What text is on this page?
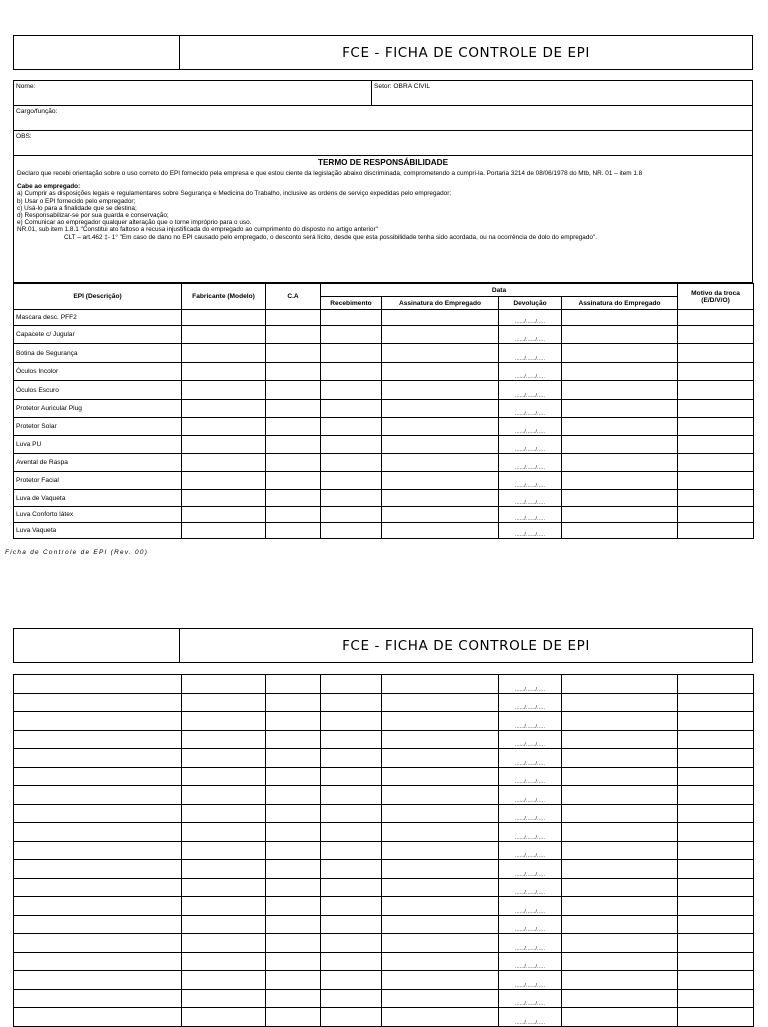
	FCE - FICHA DE CONTROLE DE EPI
Nome:	Setor: OBRA CIVIL
Cargo/função:
OBS:
TERMO DE RESPONSÁBILIDADE
Declaro que recebi orientação sobre o uso correto do EPI fornecido pela empresa e que estou ciente da legislação abaixo discriminada, comprometendo a cumpri-la. Portaria 3214 de 08/06/1978 do Mtb, NR. 01 – item 1.8
Cabe ao empregado:
a) Cumprir as disposições legais e regulamentares sobre Segurança e Medicina do Trabalho, inclusive as ordens de serviço expedidas pelo empregador;
b) Usar o EPI fornecido pelo empregador;
c) Usá-lo para a finalidade que se destina;
d) Responsabilizar-se por sua guarda e conservação;
e) Comunicar ao empregador qualquer alteração que o torne impróprio para o uso.
NR.01, sub item 1.8.1 "Constitui ato faltoso a recusa injustificada do empregado ao cumprimento do disposto no artigo anterior"
CLT – art.462 ‡- 1° "Em caso de dano no EPI causado pelo empregado, o desconto será lícito, desde que esta possibilidade tenha sido acordada, ou na ocorrência de dolo do empregado".
EPI (Descrição)	Fabricante (Modelo)	C.A	Data				Motivo da troca (E/D/V/O)
			Recebimento	Assinatura do Empregado	Devolução	Assinatura do Empregado	
Mascara desc. PFF2					....../....../.....		
Capacete c/ Jugular					....../....../.....		
Botina de Segurança					....../....../.....		
Óculos Incolor					....../....../.....		
Óculos Escuro					....../....../.....		
Protetor Auricular Plug					....../....../.....		
Protetor Solar					....../....../.....		
Luva PU					....../....../.....		
Avental de Raspa					....../....../.....		
Protetor Facial					....../....../.....		
Luva de Vaqueta					....../....../.....		
Luva Conforto látex					....../....../.....		
Luva Vaqueta					....../....../.....		
Ficha de Controle de EPI (Rev. 00)
	FCE - FICHA DE CONTROLE DE EPI
					....../....../.....		
					....../....../.....		
					....../....../.....		
					....../....../.....		
					....../....../.....		
					....../....../.....		
					....../....../.....		
					....../....../.....		
					....../....../.....		
					....../....../.....		
					....../....../.....		
					....../....../.....		
					....../....../.....		
					....../....../.....		
					....../....../.....		
					....../....../.....		
					....../....../.....		
					....../....../.....		
					....../....../.....		
